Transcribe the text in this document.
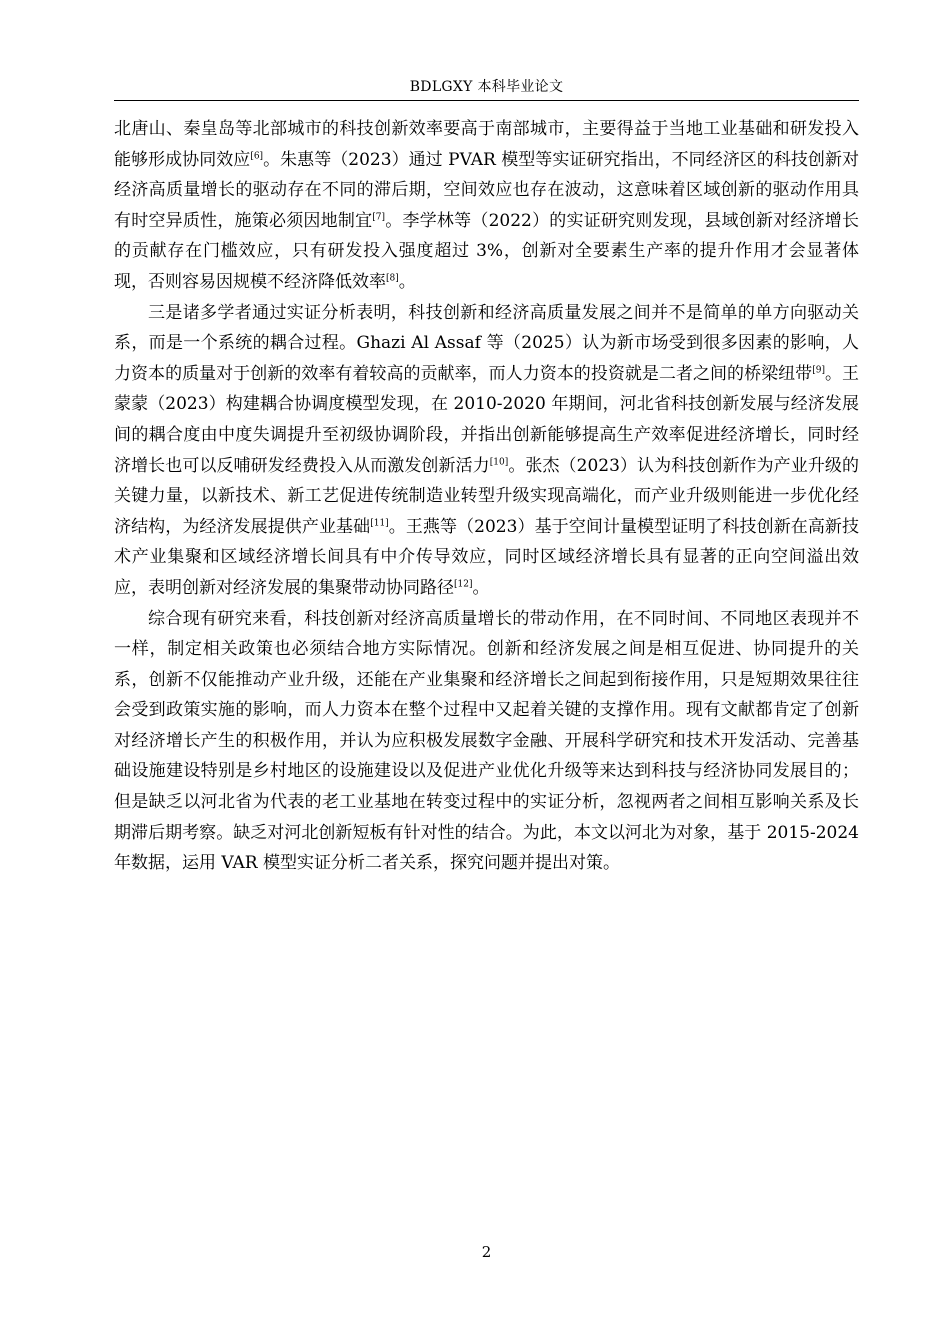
BDLGXY 本科毕业论文

北唐山、秦皇岛等北部城市的科技创新效率要高于南部城市，主要得益于当地工业基础和研发投入能够形成协同效应[6]。朱惠等（2023）通过 PVAR 模型等实证研究指出，不同经济区的科技创新对经济高质量增长的驱动存在不同的滞后期，空间效应也存在波动，这意味着区域创新的驱动作用具有时空异质性，施策必须因地制宜[7]。李学林等（2022）的实证研究则发现，县域创新对经济增长的贡献存在门槛效应，只有研发投入强度超过 3%，创新对全要素生产率的提升作用才会显著体现，否则容易因规模不经济降低效率[8]。

三是诸多学者通过实证分析表明，科技创新和经济高质量发展之间并不是简单的单方向驱动关系，而是一个系统的耦合过程。Ghazi Al Assaf 等（2025）认为新市场受到很多因素的影响，人力资本的质量对于创新的效率有着较高的贡献率，而人力资本的投资就是二者之间的桥梁纽带[9]。王蒙蒙（2023）构建耦合协调度模型发现，在 2010-2020 年期间，河北省科技创新发展与经济发展间的耦合度由中度失调提升至初级协调阶段，并指出创新能够提高生产效率促进经济增长，同时经济增长也可以反哺研发经费投入从而激发创新活力[10]。张杰（2023）认为科技创新作为产业升级的关键力量，以新技术、新工艺促进传统制造业转型升级实现高端化，而产业升级则能进一步优化经济结构，为经济发展提供产业基础[11]。王燕等（2023）基于空间计量模型证明了科技创新在高新技术产业集聚和区域经济增长间具有中介传导效应，同时区域经济增长具有显著的正向空间溢出效应，表明创新对经济发展的集聚带动协同路径[12]。

综合现有研究来看，科技创新对经济高质量增长的带动作用，在不同时间、不同地区表现并不一样，制定相关政策也必须结合地方实际情况。创新和经济发展之间是相互促进、协同提升的关系，创新不仅能推动产业升级，还能在产业集聚和经济增长之间起到衔接作用，只是短期效果往往会受到政策实施的影响，而人力资本在整个过程中又起着关键的支撑作用。现有文献都肯定了创新对经济增长产生的积极作用，并认为应积极发展数字金融、开展科学研究和技术开发活动、完善基础设施建设特别是乡村地区的设施建设以及促进产业优化升级等来达到科技与经济协同发展目的；但是缺乏以河北省为代表的老工业基地在转变过程中的实证分析，忽视两者之间相互影响关系及长期滞后期考察。缺乏对河北创新短板有针对性的结合。为此，本文以河北为对象，基于 2015-2024 年数据，运用 VAR 模型实证分析二者关系，探究问题并提出对策。

2
